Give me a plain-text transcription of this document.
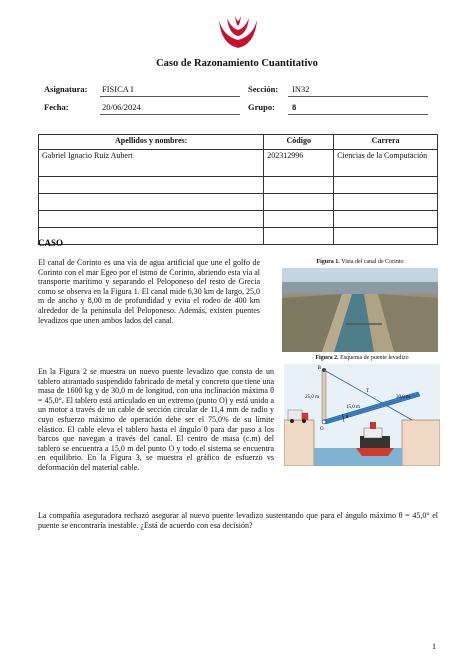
Caso de Razonamiento Cuantitativo
Asignatura: FISICA I	Sección: IN32
Fecha:	20/06/2024	Grupo: 8
Apellidos y nombres:	Código	Carrera
Gabriel Ignacio Ruiz Aubert	202312996	Ciencias de la Computación

CASO
El canal de Corinto es una vía de agua artificial que une el golfo de Corinto con el mar Egeo por el istmo de Corinto, abriendo esta vía al transporte marítimo y separando el Peloponeso del resto de Grecia como se observa en la Figura 1. El canal mide 6,30 km de largo, 25,0 m de ancho y 8,00 m de profundidad y evita el rodeo de 400 km alrededor de la península del Peloponeso. Además, existen puentes levadizos que unen ambos lados del canal.
Figura 1. Vista del canal de Corinto
En la Figura 2 se muestra un nuevo puente levadizo que consta de un tablero atirantado suspendido fabricado de metal y concreto que tiene una masa de 1600 kg y de 30,0 m de longitud, con una inclinación máxima θ = 45,0°. El tablero está articulado en un extremo (punto O) y está unido a un motor a través de un cable de sección circular de 11,4 mm de radio y cuyo esfuerzo máximo de operación debe ser el 75,0% de su límite elástico. El cable eleva el tablero hasta el ángulo θ para dar paso a los barcos que navegan a través del canal. El centro de masa (c.m) del tablero se encuentra a 15,0 m del punto O y todo el sistema se encuentra en equilibrio. En la Figura 3, se muestra el gráfico de esfuerzo vs deformación del material cable.
Figura 2. Esquema de puente levadizo
B
25,0 m
T
30,0 m
15,0 m
O
θ
La compañía aseguradora rechazó asegurar al nuevo puente levadizo sustentando que para el ángulo máximo θ = 45,0° el puente se encontraría inestable. ¿Está de acuerdo con esa decisión?
1
